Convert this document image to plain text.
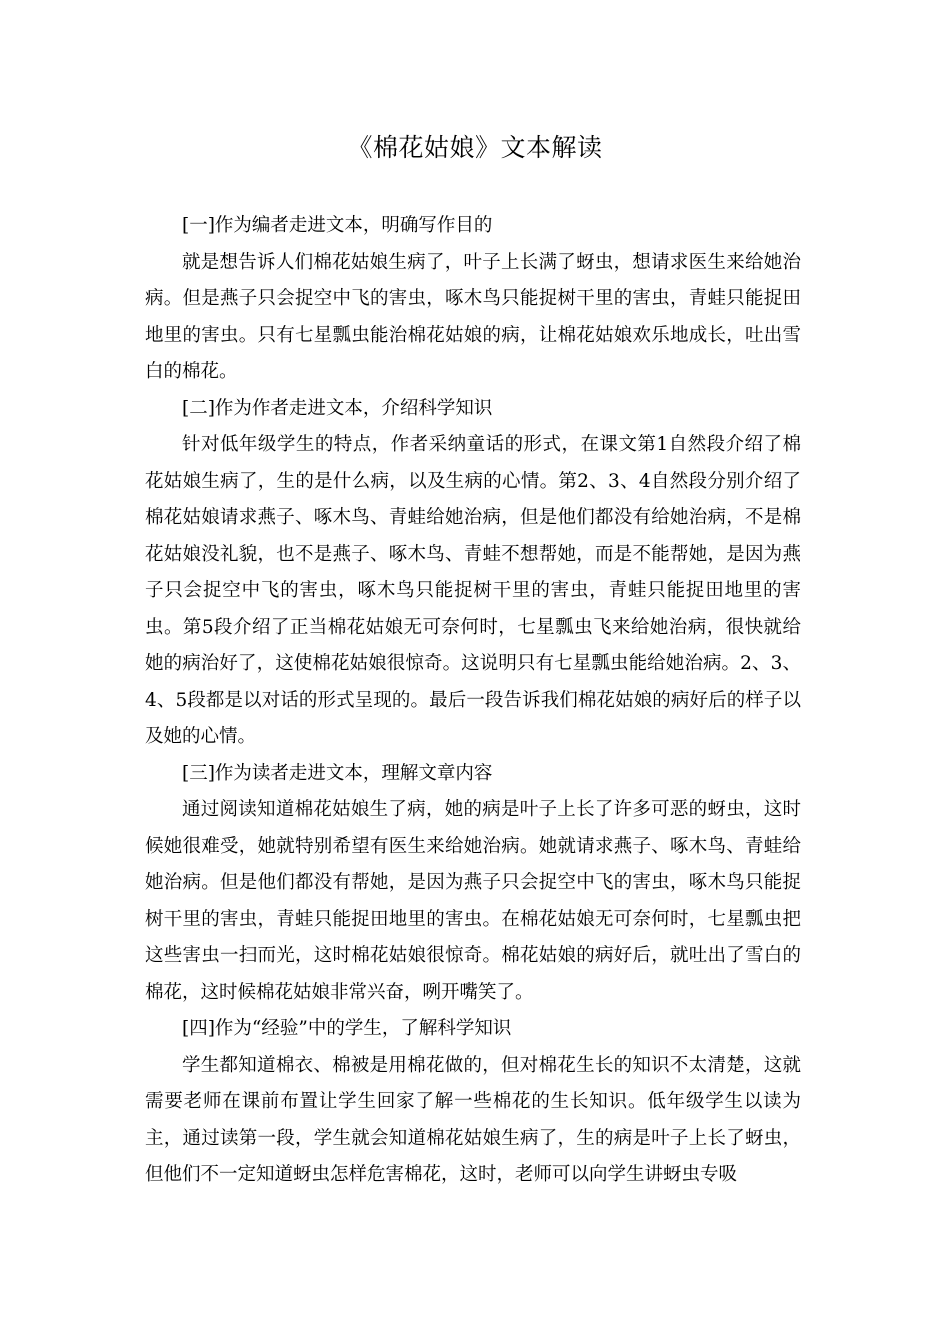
《棉花姑娘》文本解读

[一]作为编者走进文本，明确写作目的

就是想告诉人们棉花姑娘生病了，叶子上长满了蚜虫，想请求医生来给她治病。但是燕子只会捉空中飞的害虫，啄木鸟只能捉树干里的害虫，青蛙只能捉田地里的害虫。只有七星瓢虫能治棉花姑娘的病，让棉花姑娘欢乐地成长，吐出雪白的棉花。

[二]作为作者走进文本，介绍科学知识

针对低年级学生的特点，作者采纳童话的形式，在课文第1自然段介绍了棉花姑娘生病了，生的是什么病，以及生病的心情。第2、3、4自然段分别介绍了棉花姑娘请求燕子、啄木鸟、青蛙给她治病，但是他们都没有给她治病，不是棉花姑娘没礼貌，也不是燕子、啄木鸟、青蛙不想帮她，而是不能帮她，是因为燕子只会捉空中飞的害虫，啄木鸟只能捉树干里的害虫，青蛙只能捉田地里的害虫。第5段介绍了正当棉花姑娘无可奈何时，七星瓢虫飞来给她治病，很快就给她的病治好了，这使棉花姑娘很惊奇。这说明只有七星瓢虫能给她治病。2、3、4、5段都是以对话的形式呈现的。最后一段告诉我们棉花姑娘的病好后的样子以及她的心情。

[三]作为读者走进文本，理解文章内容

通过阅读知道棉花姑娘生了病，她的病是叶子上长了许多可恶的蚜虫，这时候她很难受，她就特别希望有医生来给她治病。她就请求燕子、啄木鸟、青蛙给她治病。但是他们都没有帮她，是因为燕子只会捉空中飞的害虫，啄木鸟只能捉树干里的害虫，青蛙只能捉田地里的害虫。在棉花姑娘无可奈何时，七星瓢虫把这些害虫一扫而光，这时棉花姑娘很惊奇。棉花姑娘的病好后，就吐出了雪白的棉花，这时候棉花姑娘非常兴奋，咧开嘴笑了。

[四]作为“经验”中的学生，了解科学知识

学生都知道棉衣、棉被是用棉花做的，但对棉花生长的知识不太清楚，这就需要老师在课前布置让学生回家了解一些棉花的生长知识。低年级学生以读为主，通过读第一段，学生就会知道棉花姑娘生病了，生的病是叶子上长了蚜虫，但他们不一定知道蚜虫怎样危害棉花，这时，老师可以向学生讲蚜虫专吸
